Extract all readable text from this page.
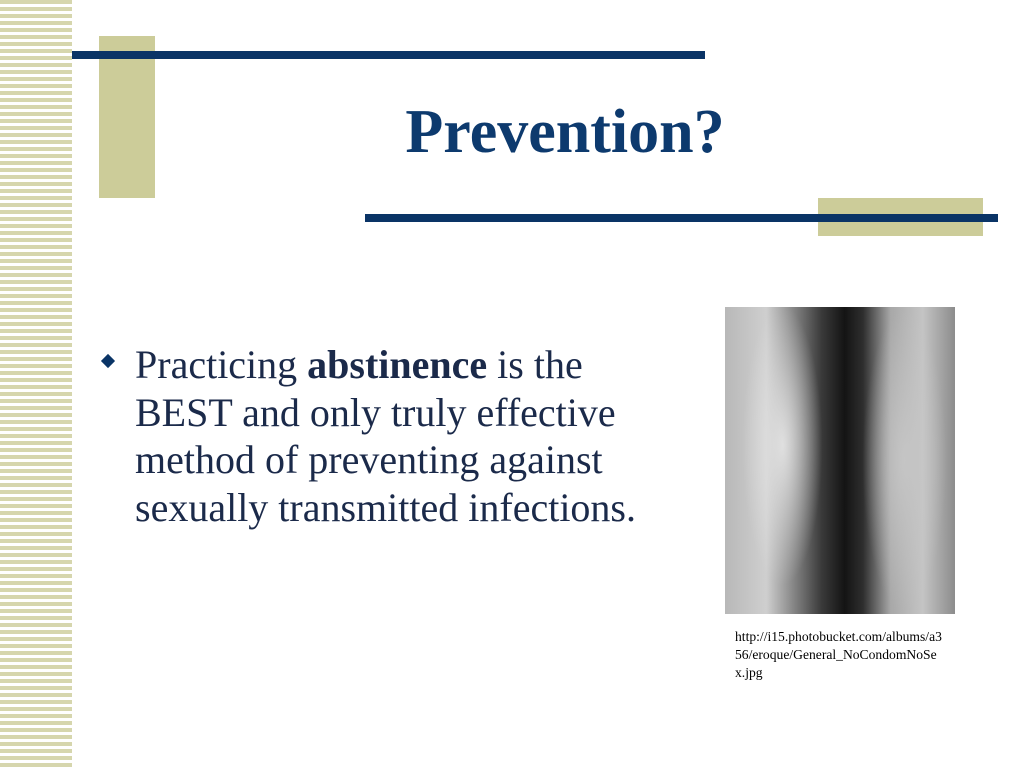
Prevention?
Practicing abstinence is the BEST and only truly effective method of preventing against sexually transmitted infections.
http://i15.photobucket.com/albums/a3
56/eroque/General_NoCondomNoSe
x.jpg
